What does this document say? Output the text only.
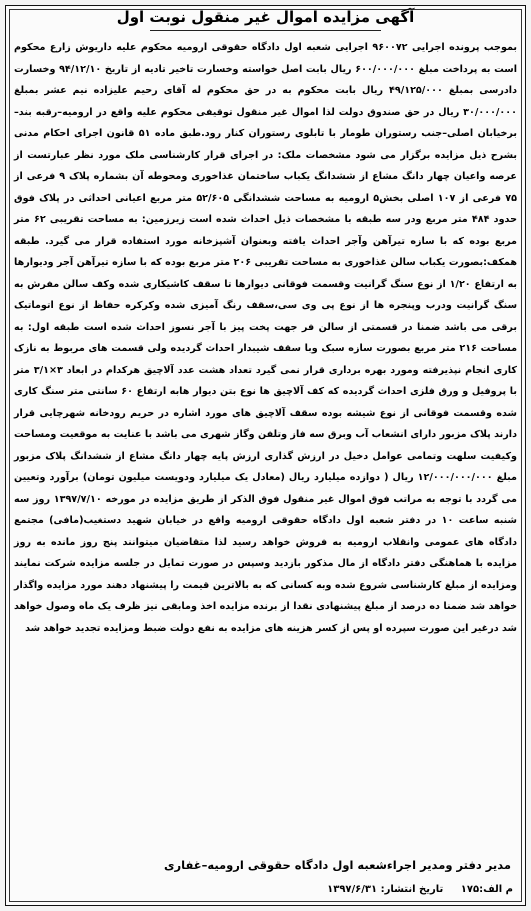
آگهی مزایده اموال غیر منقول نوبت اول
بموجب پرونده اجرایی ۹۶۰۰۷۲ اجرایی شعبه اول دادگاه حقوقی ارومیه محکوم علیه داریوش زارع محکوم است به پرداخت مبلغ ۶۰۰/۰۰۰/۰۰۰ ریال بابت اصل خواسته وخسارت تاخیر تادیه از تاریخ ۹۴/۱۲/۱۰ وخسارت دادرسی بمبلغ ۴۹/۱۲۵/۰۰۰ ریال بابت محکوم به در حق محکوم له آقای رحیم علیزاده نیم عشر بمبلغ ۳۰/۰۰۰/۰۰۰ ریال در حق صندوق دولت لذا اموال غیر منقول توقیفی محکوم علیه واقع در ارومیه–رقبه بند–برخیابان اصلی–جنب رستوران طومار با تابلوی رستوران کنار رود.طبق ماده ۵۱ قانون اجرای احکام مدنی بشرح ذیل مزایده برگزار می شود مشخصات ملک: در اجرای قرار کارشناسی ملک مورد نظر عبارتست از عرصه واعیان چهار دانگ مشاع از ششدانگ یکباب ساختمان غذاخوری ومحوطه آن بشماره پلاک ۹ فرعی از ۷۵ فرعی از ۱۰۷ اصلی بخش۵ ارومیه به مساحت ششدانگی ۵۲/۶۰۵ متر مربع اعیانی احداثی در پلاک فوق حدود ۴۸۴ متر مربع ودر سه طبقه با مشخصات ذیل احداث شده است زیرزمین: به مساحت تقریبی ۶۲ متر مربع بوده که با سازه تیرآهن وآجر احداث یافته وبعنوان آشپزخانه مورد استفاده قرار می گیرد. طبقه همکف:بصورت یکباب سالن غذاخوری به مساحت تقریبی ۲۰۶ متر مربع بوده که با سازه تیرآهن آجر ودیوارها به ارتفاع ۱/۲۰ از نوع سنگ گرانیت وقسمت فوقانی دیوارها تا سقف کاشیکاری شده وکف سالن مفرش به سنگ گرانیت ودرب وپنجره ها از نوع پی وی سی،سقف رنگ آمیزی شده وکرکره حفاظ از نوع اتوماتیک برقی می باشد ضمنا در قسمتی از سالن فر جهت پخت پیز با آجر نسوز احداث شده است طبقه اول: به مساحت ۲۱۶ متر مربع بصورت سازه سبک وبا سقف شیبدار احداث گردیده ولی قسمت های مربوط به نازک کاری انجام نپذیرفته ومورد بهره برداری قرار نمی گیرد تعداد هشت عدد آلاچیق هرکدام در ابعاد ۳×۳/۱ متر با پروفیل و ورق فلزی احداث گردیده که کف آلاچیق ها نوع بتن دیوار هابه ارتفاع ۶۰ سانتی متر سنگ کاری شده وقسمت فوقانی از نوع شیشه بوده سقف آلاچیق های مورد اشاره در حریم رودخانه شهرچایی قرار دارند پلاک مزبور دارای انشعاب آب وبرق سه فاز وتلفن وگاز شهری می باشد با عنایت به موقعیت ومساحت وکیفیت سلهت وتمامی عوامل دخیل در ارزش گذاری ارزش پایه چهار دانگ مشاع از ششدانگ پلاک مزبور مبلغ ۱۲/۰۰۰/۰۰۰/۰۰۰ ریال ( دوازده میلیارد ریال (معادل یک میلیارد ودویست میلیون تومان) برآورد وتعیین می گردد با توجه به مراتب فوق اموال غیر منقول فوق الذکر از طریق مزایده در مورخه ۱۳۹۷/۷/۱۰ روز سه شنبه ساعت ۱۰ در دفتر شعبه اول دادگاه حقوقی ارومیه واقع در خیابان شهید دستغیب(مافی) مجتمع دادگاه های عمومی وانقلاب ارومیه به فروش خواهد رسید لذا متقاضیان میتوانند پنج روز مانده به روز مزایده با هماهنگی دفتر دادگاه از مال مذکور بازدید وسپس در صورت تمایل در جلسه مزایده شرکت نمایند ومزایده از مبلغ کارشناسی شروع شده وبه کسانی که به بالاترین قیمت را پیشنهاد دهند مورد مزایده واگذار خواهد شد ضمنا ده درصد از مبلغ پیشنهادی نقدا از برنده مزایده اخذ ومابقی نیز ظرف یک ماه وصول خواهد شد درغیر این صورت سپرده او پس از کسر هزینه های مزایده به نفع دولت ضبط ومزایده تجدید خواهد شد
مدیر دفتر ومدیر اجراءشعبه اول دادگاه حقوقی ارومیه–غفاری
م الف:۱۷۵ تاریخ انتشار: ۱۳۹۷/۶/۳۱
